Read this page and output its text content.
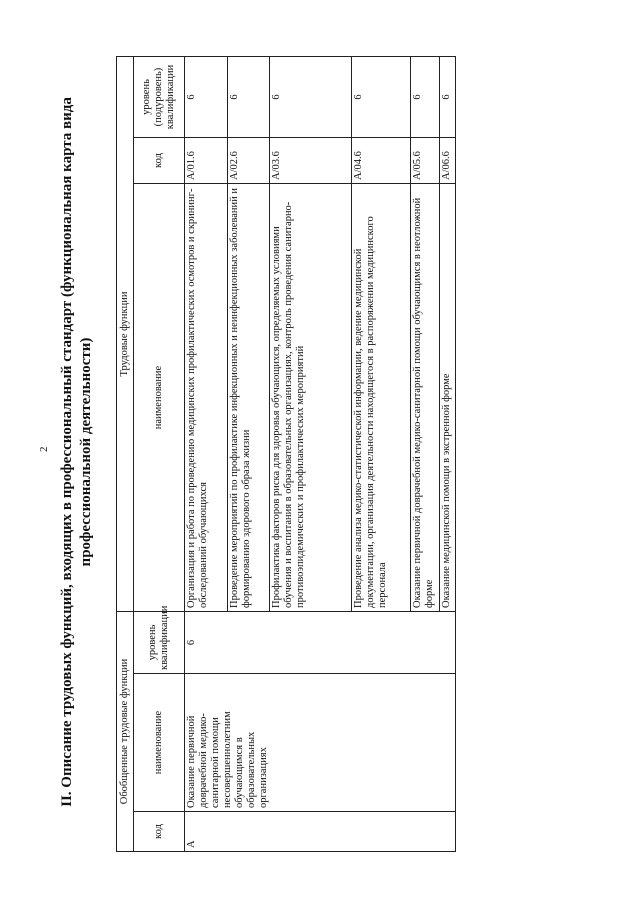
2 II. Описание трудовых функций, входящих в профессиональный стандарт (функциональная карта вида профессиональной деятельности)
Обобщенные трудовые функции			Трудовые функции		
код	наименование	уровень квалификации	наименование	код	уровень (подуровень) квалификации
А	Оказание первичной доврачебной медико-санитарной помощи несовершеннолетним обучающимся в образовательных организациях	6	Организация и работа по проведению медицинских профилактических осмотров и скрининг-обследований обучающихся	A/01.6	6
			Проведение мероприятий по профилактике инфекционных и неинфекционных заболеваний и формированию здорового образа жизни	A/02.6	6
			Профилактика факторов риска для здоровья обучающихся, определяемых условиями обучения и воспитания в образовательных организациях, контроль проведения санитарно-противоэпидемических и профилактических мероприятий	A/03.6	6
			Проведение анализа медико-статистической информации, ведение медицинской документации, организация деятельности находящегося в распоряжении медицинского персонала	A/04.6	6
			Оказание первичной доврачебной медико-санитарной помощи обучающимся в неотложной форме	A/05.6	6
			Оказание медицинской помощи в экстренной форме	A/06.6	6
